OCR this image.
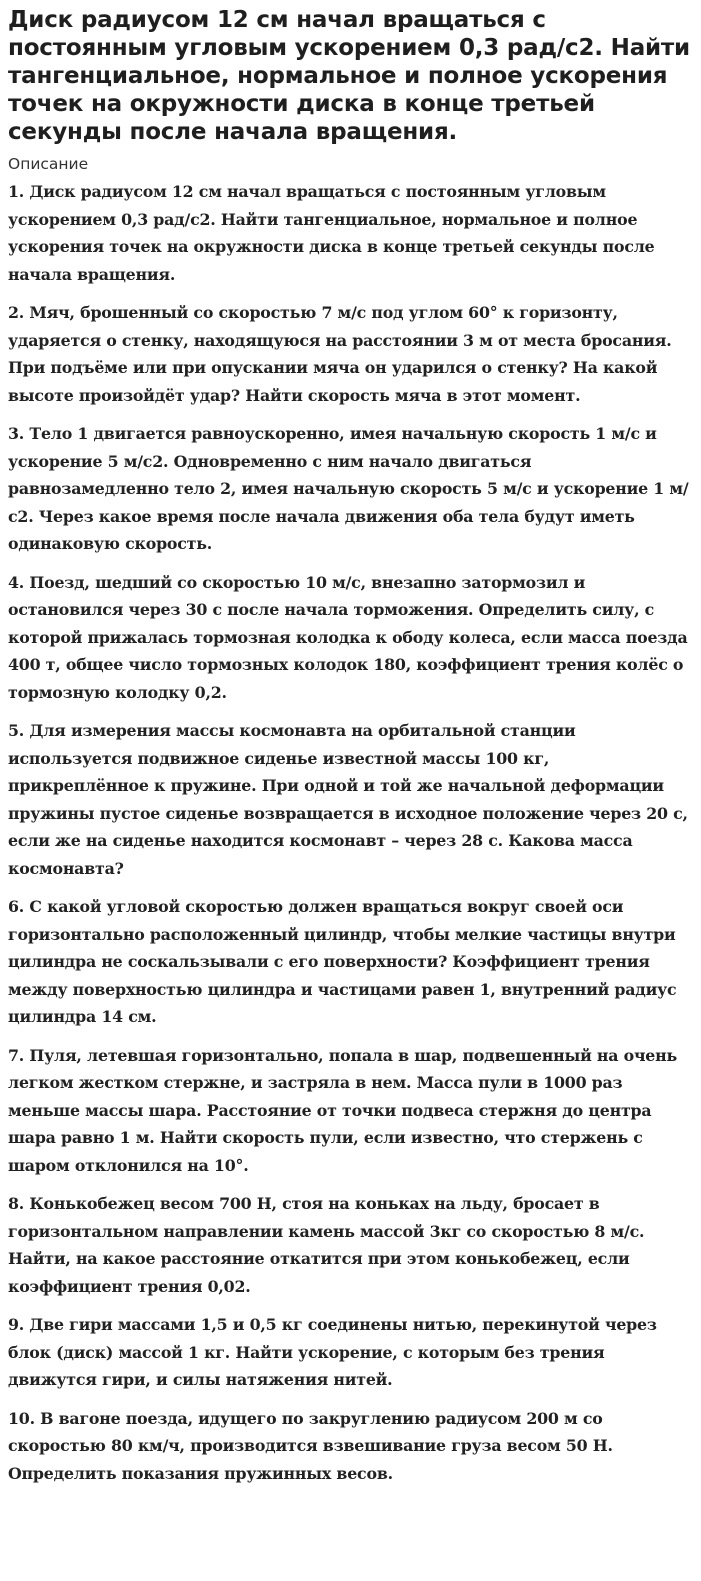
Диск радиусом 12 см начал вращаться с постоянным угловым ускорением 0,3 рад/с2. Найти тангенциальное, нормальное и полное ускорения точек на окружности диска в конце третьей секунды после начала вращения.
Описание

1. Диск радиусом 12 см начал вращаться с постоянным угловым ускорением 0,3 рад/с2. Найти тангенциальное, нормальное и полное ускорения точек на окружности диска в конце третьей секунды после начала вращения.

2. Мяч, брошенный со скоростью 7 м/с под углом 60° к горизонту, ударяется о стенку, находящуюся на расстоянии 3 м от места бросания. При подъёме или при опускании мяча он ударился о стенку? На какой высоте произойдёт удар? Найти скорость мяча в этот момент.

3. Тело 1 двигается равноускоренно, имея начальную скорость 1 м/с и ускорение 5 м/с2. Одновременно с ним начало двигаться равнозамедленно тело 2, имея начальную скорость 5 м/с и ускорение 1 м/с2. Через какое время после начала движения оба тела будут иметь одинаковую скорость.

4. Поезд, шедший со скоростью 10 м/с, внезапно затормозил и остановился через 30 с после начала торможения. Определить силу, с которой прижалась тормозная колодка к ободу колеса, если масса поезда 400 т, общее число тормозных колодок 180, коэффициент трения колёс о тормозную колодку 0,2.

5. Для измерения массы космонавта на орбитальной станции используется подвижное сиденье известной массы 100 кг, прикреплённое к пружине. При одной и той же начальной деформации пружины пустое сиденье возвращается в исходное положение через 20 с, если же на сиденье находится космонавт – через 28 с. Какова масса космонавта?

6. С какой угловой скоростью должен вращаться вокруг своей оси горизонтально расположенный цилиндр, чтобы мелкие частицы внутри цилиндра не соскальзывали с его поверхности? Коэффициент трения между поверхностью цилиндра и частицами равен 1, внутренний радиус цилиндра 14 см.

7. Пуля, летевшая горизонтально, попала в шар, подвешенный на очень легком жестком стержне, и застряла в нем. Масса пули в 1000 раз меньше массы шара. Расстояние от точки подвеса стержня до центра шара равно 1 м. Найти скорость пули, если известно, что стержень с шаром отклонился на 10°.

8. Конькобежец весом 700 Н, стоя на коньках на льду, бросает в горизонтальном направлении камень массой 3кг со скоростью 8 м/с. Найти, на какое расстояние откатится при этом конькобежец, если коэффициент трения 0,02.

9. Две гири массами 1,5 и 0,5 кг соединены нитью, перекинутой через блок (диск) массой 1 кг. Найти ускорение, с которым без трения движутся гири, и силы натяжения нитей.

10. В вагоне поезда, идущего по закруглению радиусом 200 м со скоростью 80 км/ч, производится взвешивание груза весом 50 Н. Определить показания пружинных весов.
